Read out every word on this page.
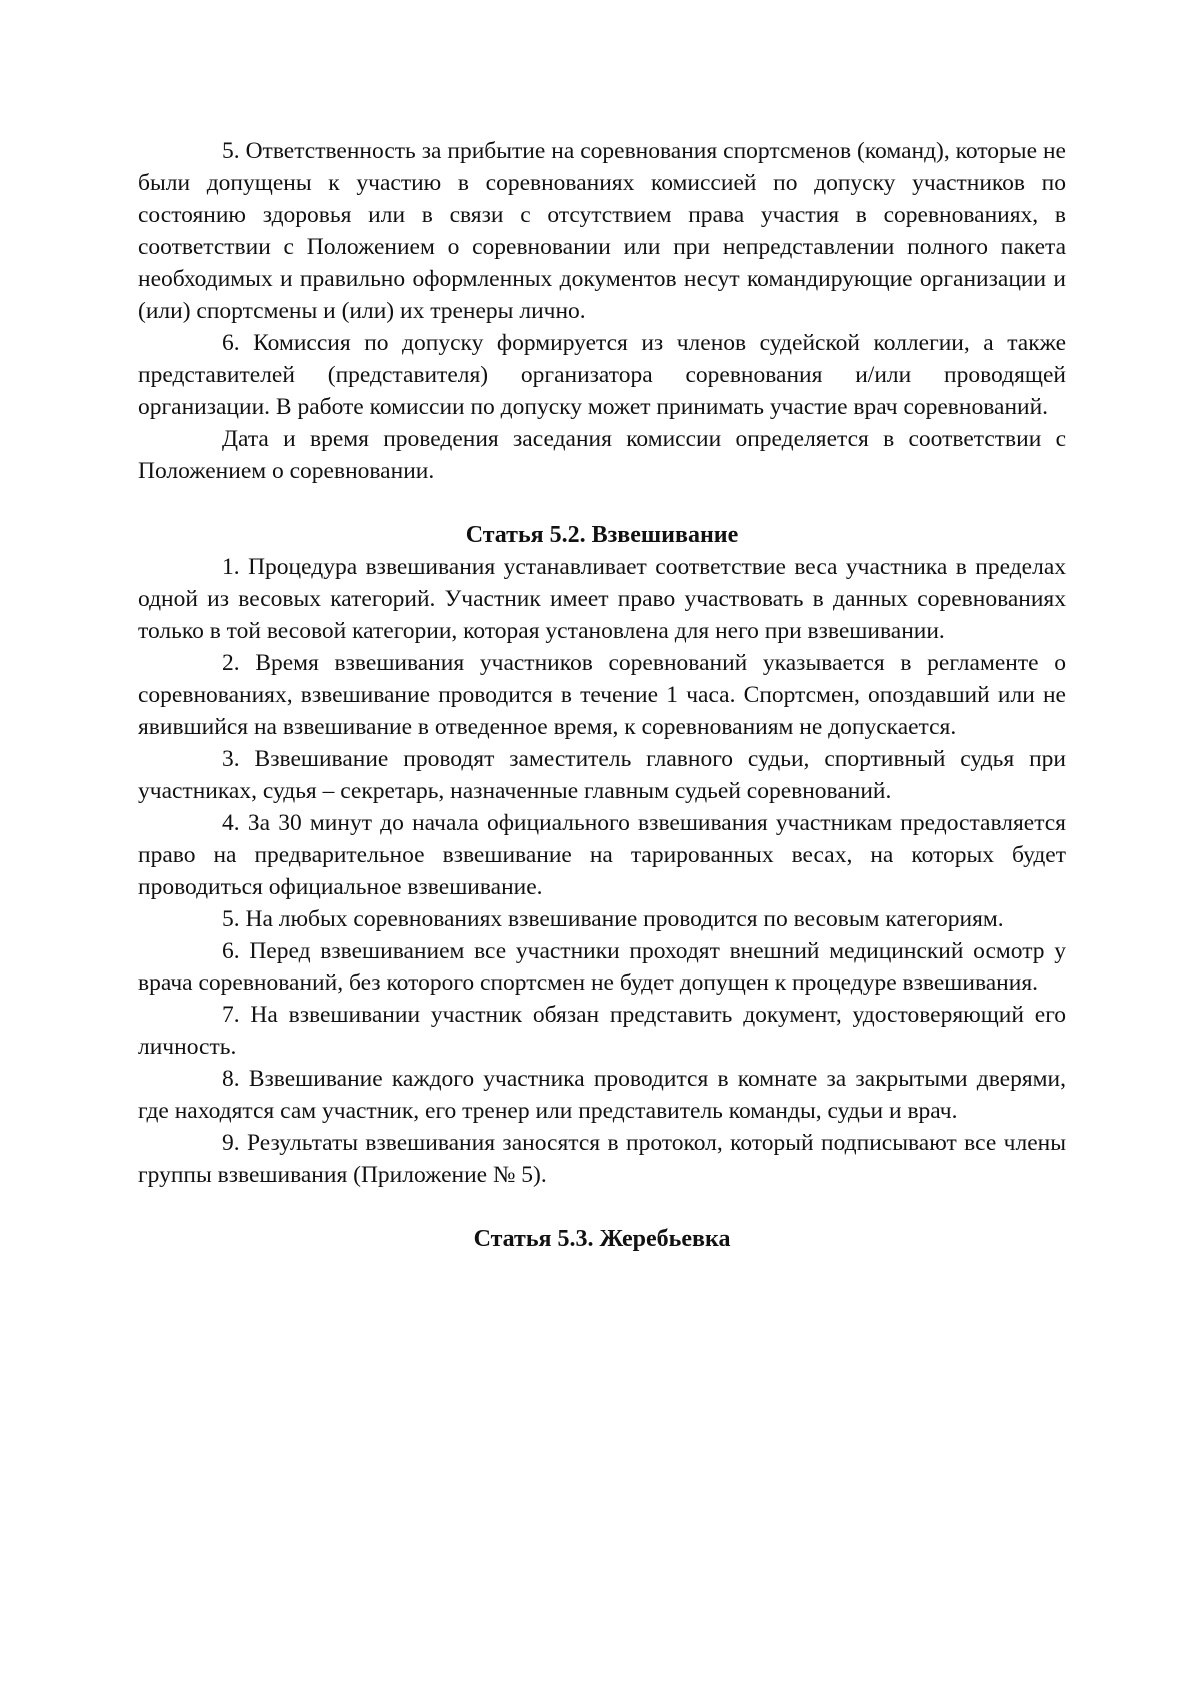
5. Ответственность за прибытие на соревнования спортсменов (команд), которые не были допущены к участию в соревнованиях комиссией по допуску участников по состоянию здоровья или в связи с отсутствием права участия в соревнованиях, в соответствии с Положением о соревновании или при непредставлении полного пакета необходимых и правильно оформленных документов несут командирующие организации и (или) спортсмены и (или) их тренеры лично.

6. Комиссия по допуску формируется из членов судейской коллегии, а также представителей (представителя) организатора соревнования и/или проводящей организации. В работе комиссии по допуску может принимать участие врач соревнований.

Дата и время проведения заседания комиссии определяется в соответствии с Положением о соревновании.

Статья 5.2. Взвешивание

1. Процедура взвешивания устанавливает соответствие веса участника в пределах одной из весовых категорий. Участник имеет право участвовать в данных соревнованиях только в той весовой категории, которая установлена для него при взвешивании.

2. Время взвешивания участников соревнований указывается в регламенте о соревнованиях, взвешивание проводится в течение 1 часа. Спортсмен, опоздавший или не явившийся на взвешивание в отведенное время, к соревнованиям не допускается.

3. Взвешивание проводят заместитель главного судьи, спортивный судья при участниках, судья – секретарь, назначенные главным судьей соревнований.

4. За 30 минут до начала официального взвешивания участникам предоставляется право на предварительное взвешивание на тарированных весах, на которых будет проводиться официальное взвешивание.

5. На любых соревнованиях взвешивание проводится по весовым категориям.

6. Перед взвешиванием все участники проходят внешний медицинский осмотр у врача соревнований, без которого спортсмен не будет допущен к процедуре взвешивания.

7. На взвешивании участник обязан представить документ, удостоверяющий его личность.

8. Взвешивание каждого участника проводится в комнате за закрытыми дверями, где находятся сам участник, его тренер или представитель команды, судьи и врач.

9. Результаты взвешивания заносятся в протокол, который подписывают все члены группы взвешивания (Приложение № 5).

Статья 5.3. Жеребьевка
